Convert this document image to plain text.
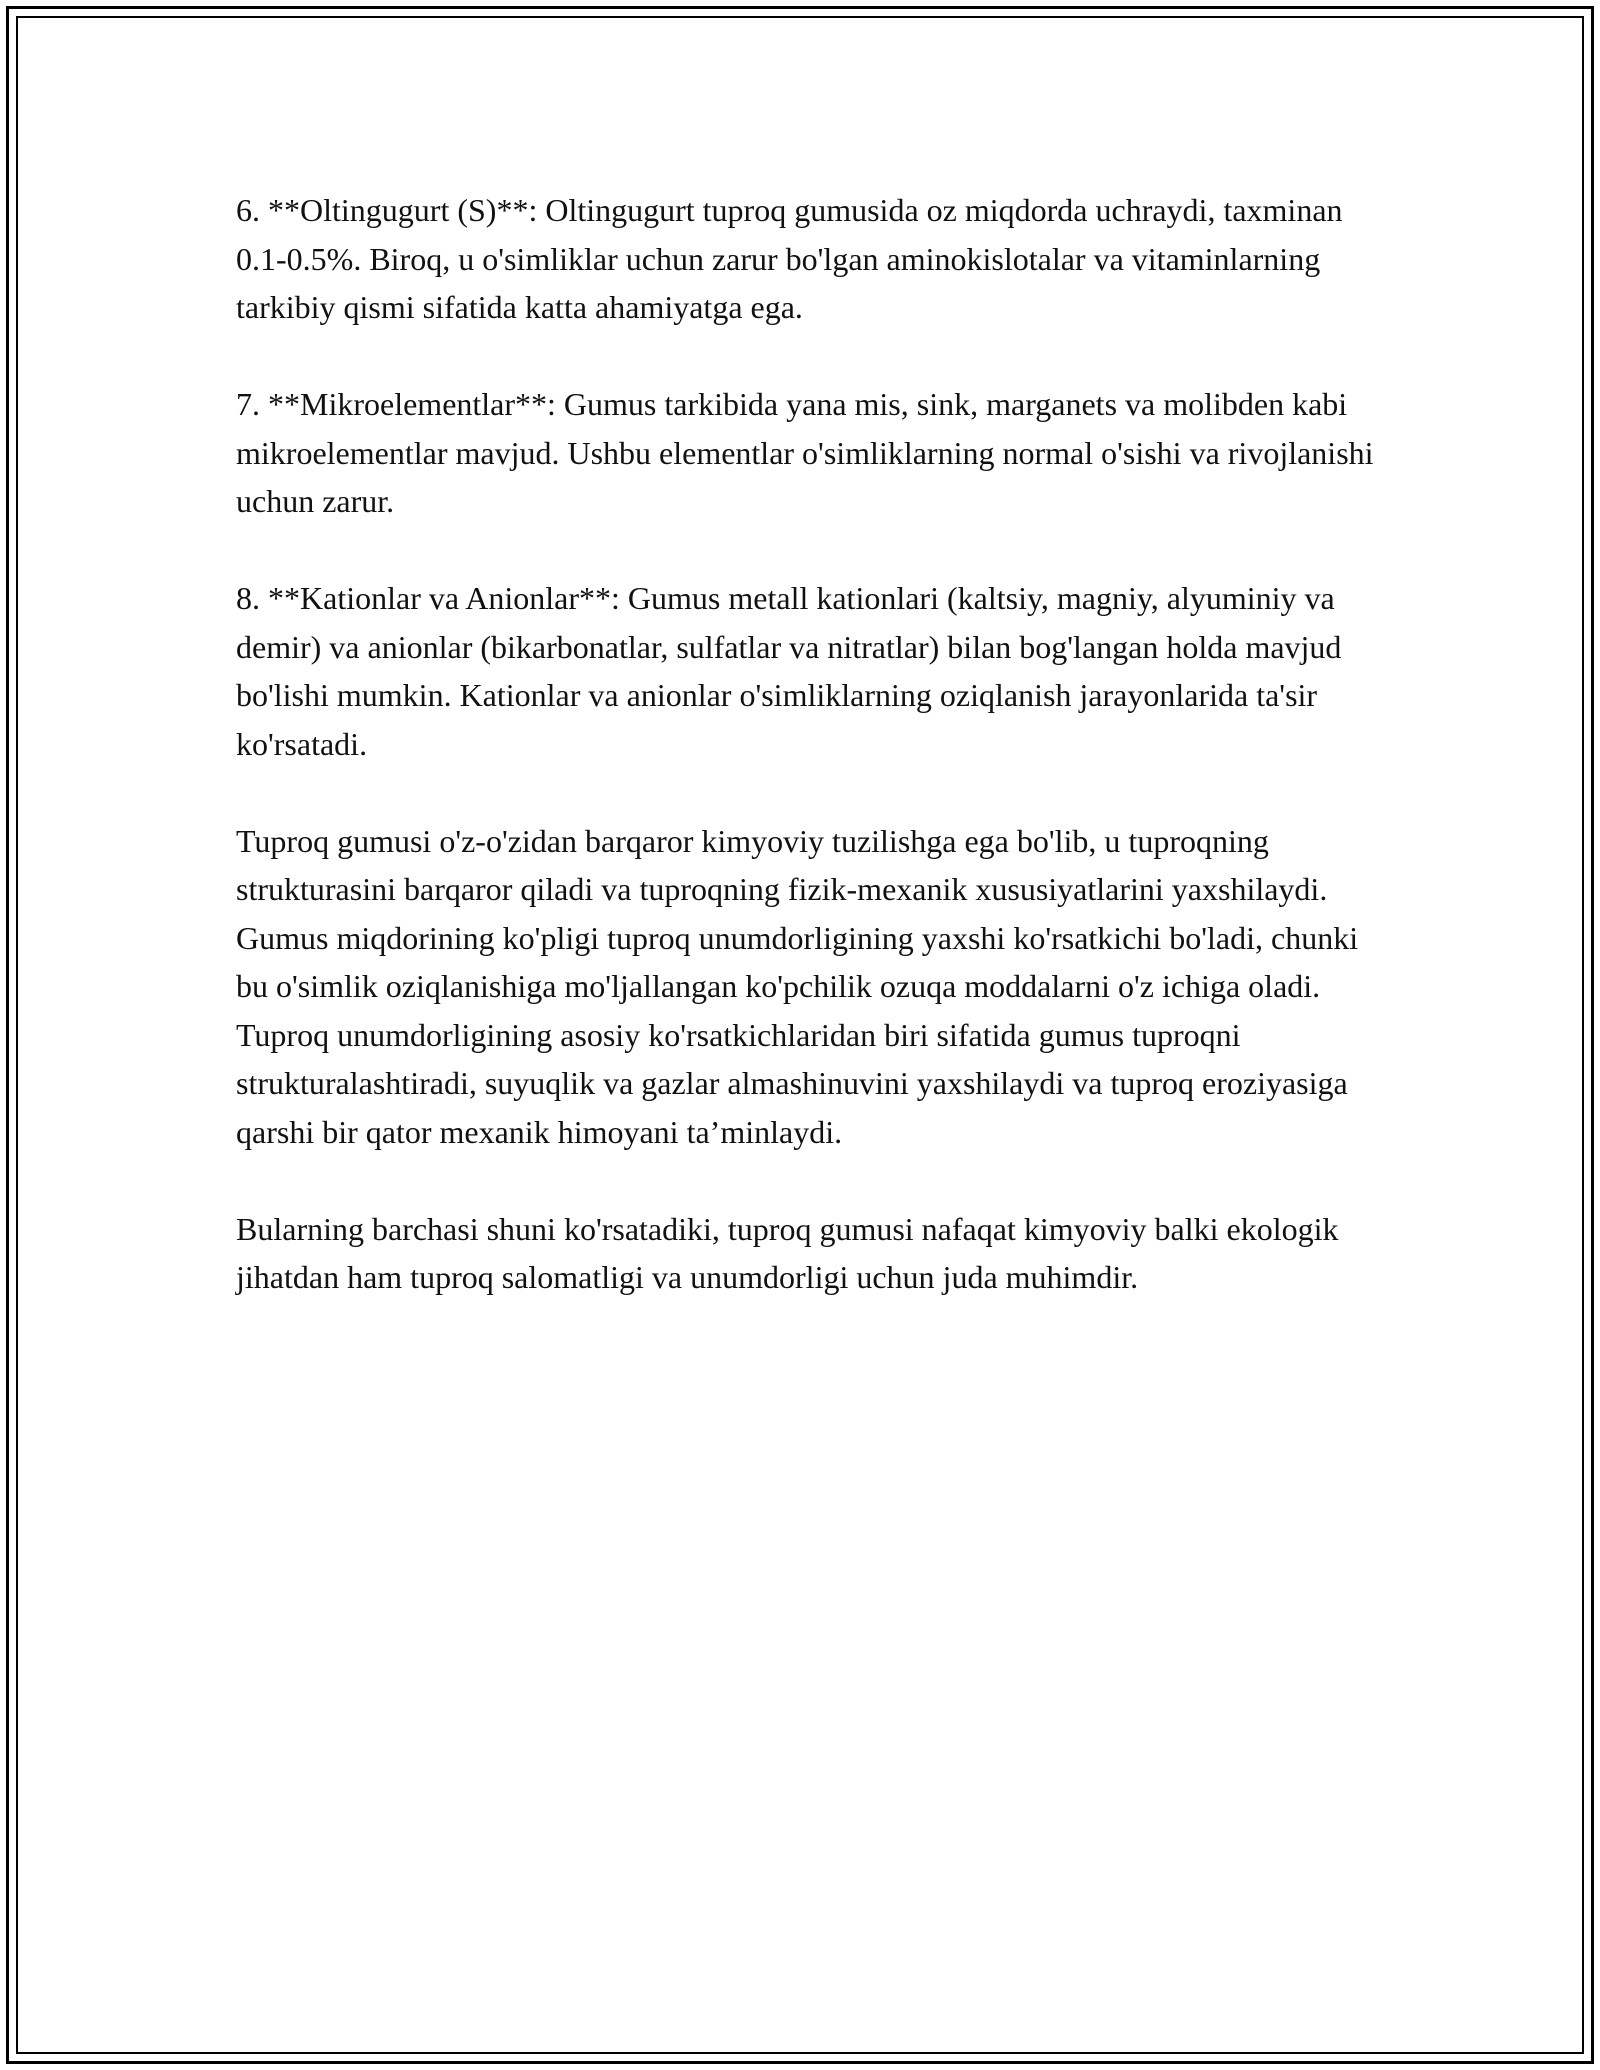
6. **Oltingugurt (S)**: Oltingugurt tuproq gumusida oz miqdorda uchraydi, taxminan 0.1-0.5%. Biroq, u o'simliklar uchun zarur bo'lgan aminokislotalar va vitaminlarning tarkibiy qismi sifatida katta ahamiyatga ega.

7. **Mikroelementlar**: Gumus tarkibida yana mis, sink, marganets va molibden kabi mikroelementlar mavjud. Ushbu elementlar o'simliklarning normal o'sishi va rivojlanishi uchun zarur.

8. **Kationlar va Anionlar**: Gumus metall kationlari (kaltsiy, magniy, alyuminiy va demir) va anionlar (bikarbonatlar, sulfatlar va nitratlar) bilan bog'langan holda mavjud bo'lishi mumkin. Kationlar va anionlar o'simliklarning oziqlanish jarayonlarida ta'sir ko'rsatadi.

Tuproq gumusi o'z-o'zidan barqaror kimyoviy tuzilishga ega bo'lib, u tuproqning strukturasini barqaror qiladi va tuproqning fizik-mexanik xususiyatlarini yaxshilaydi. Gumus miqdorining ko'pligi tuproq unumdorligining yaxshi ko'rsatkichi bo'ladi, chunki bu o'simlik oziqlanishiga mo'ljallangan ko'pchilik ozuqa moddalarni o'z ichiga oladi. Tuproq unumdorligining asosiy ko'rsatkichlaridan biri sifatida gumus tuproqni strukturalashtiradi, suyuqlik va gazlar almashinuvini yaxshilaydi va tuproq eroziyasiga qarshi bir qator mexanik himoyani ta’minlaydi.

Bularning barchasi shuni ko'rsatadiki, tuproq gumusi nafaqat kimyoviy balki ekologik jihatdan ham tuproq salomatligi va unumdorligi uchun juda muhimdir.
